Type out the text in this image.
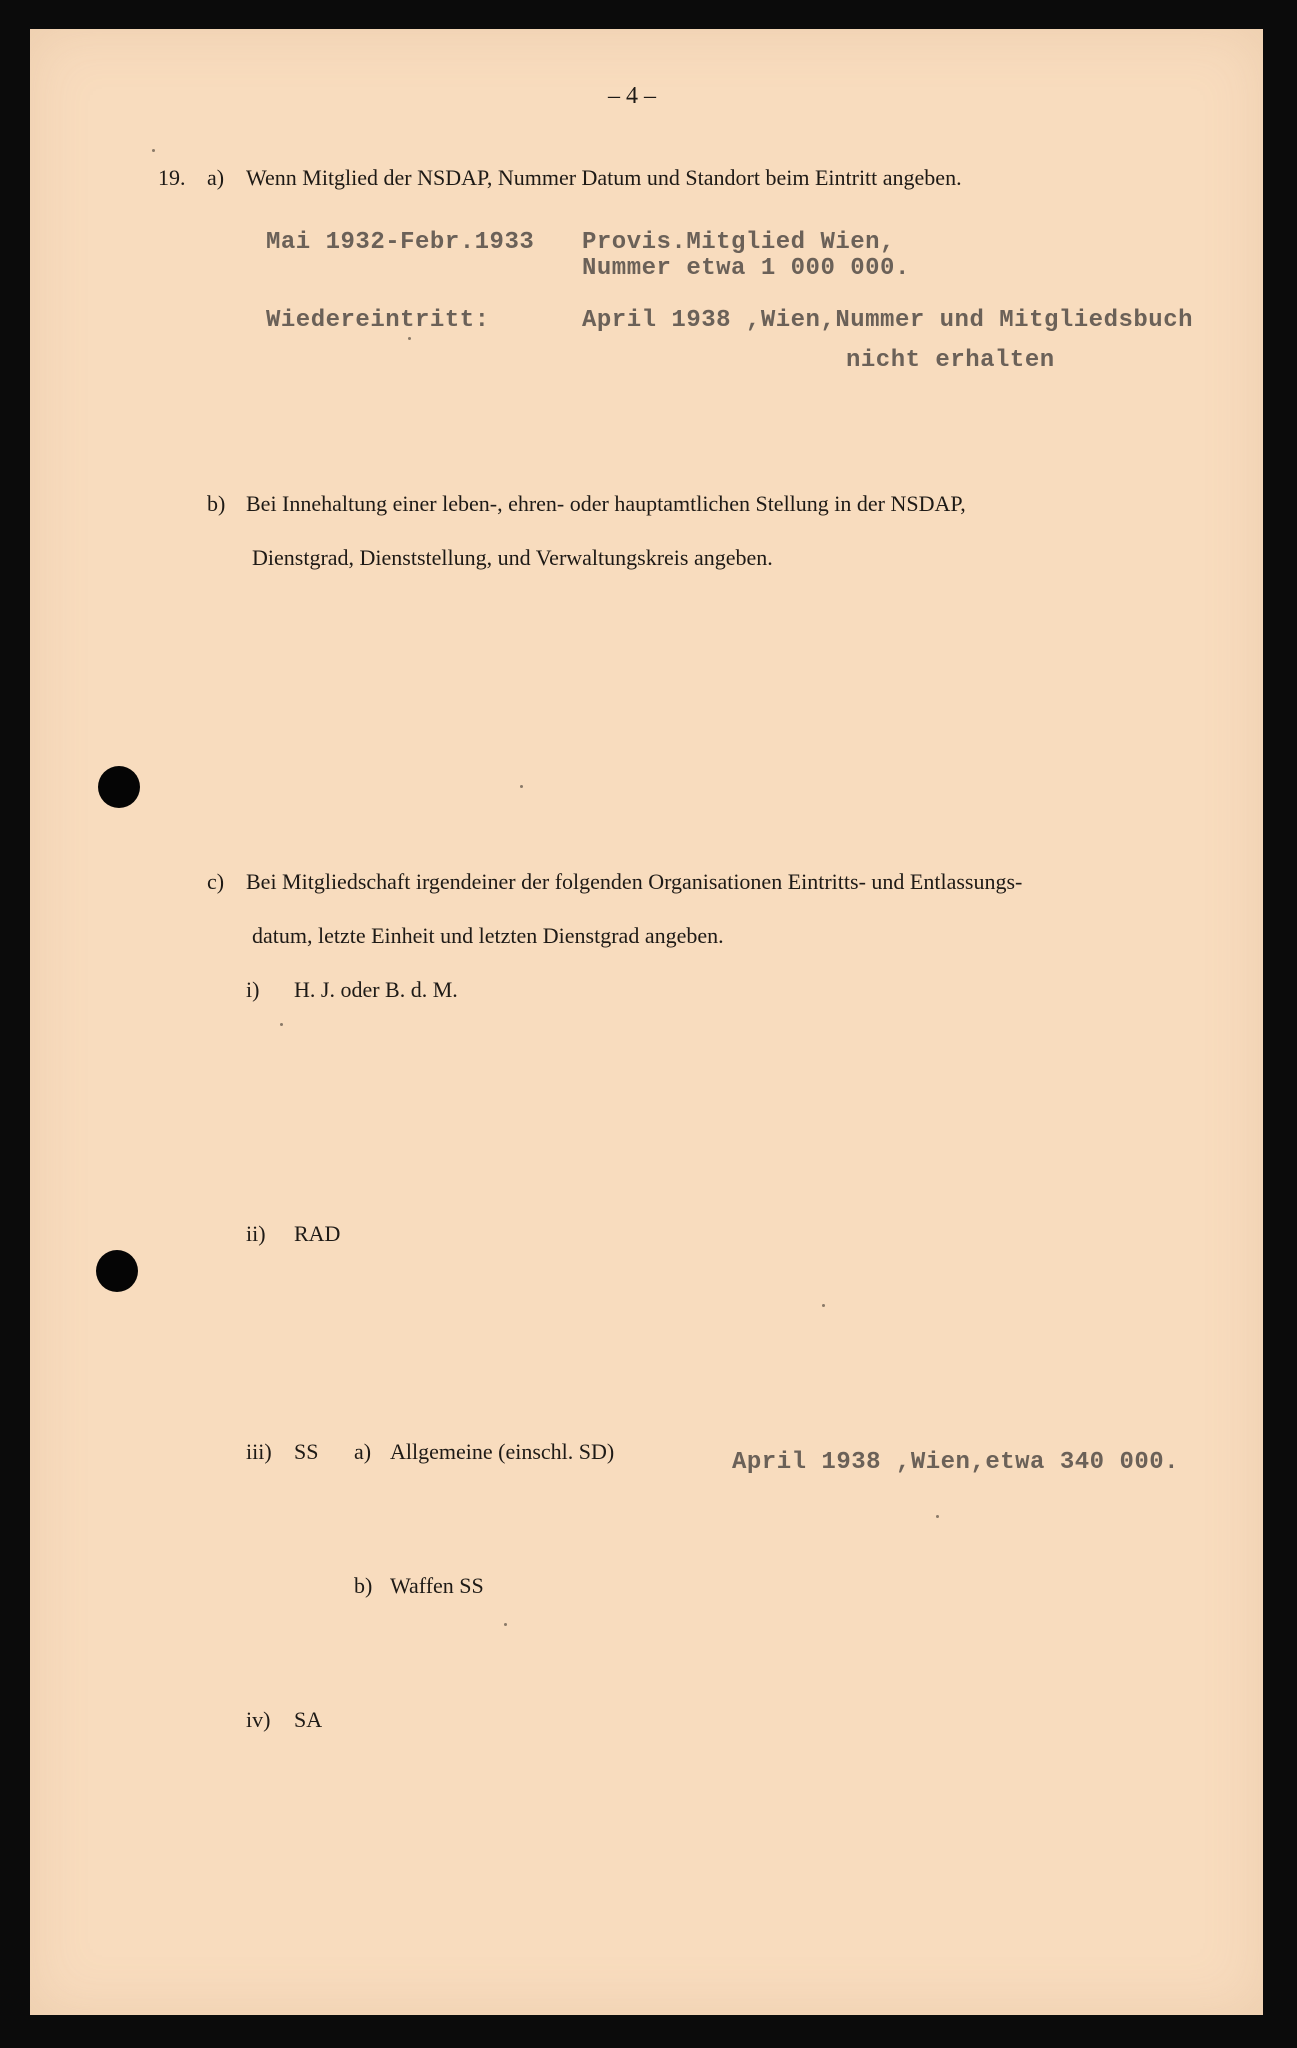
– 4 –
19. a) Wenn Mitglied der NSDAP, Nummer Datum und Standort beim Eintritt angeben.
Mai 1932-Febr.1933 Provis.Mitglied Wien,
Nummer etwa 1 000 000.
Wiedereintritt:	April 1938 ,Wien,Nummer und Mitgliedsbuch
nicht erhalten
b) Bei Innehaltung einer leben-, ehren- oder hauptamtlichen Stellung in der NSDAP,
Dienstgrad, Dienststellung, und Verwaltungskreis angeben.
c) Bei Mitgliedschaft irgendeiner der folgenden Organisationen Eintritts- und Entlassungs-
datum, letzte Einheit und letzten Dienstgrad angeben.
i) H. J. oder B. d. M.
ii) RAD
iii) SS a) Allgemeine (einschl. SD)	April 1938 ,Wien,etwa 340 000.
b) Waffen SS
iv) SA
